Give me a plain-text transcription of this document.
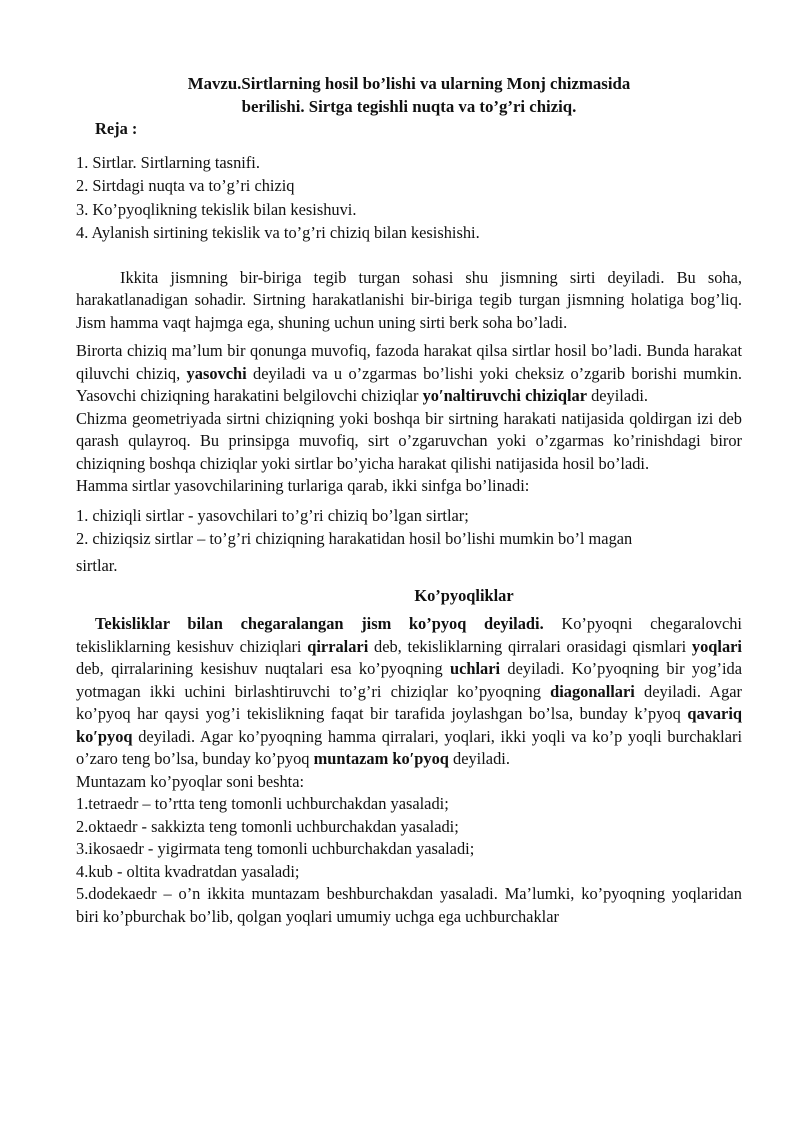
Mavzu.Sirtlarning hosil bo’lishi va ularning Monj chizmasida
berilishi. Sirtga tegishli nuqta va to’g’ri chiziq.
Reja :
1. Sirtlar. Sirtlarning tasnifi.
2. Sirtdagi nuqta va to’g’ri chiziq
3. Ko’pyoqlikning tekislik bilan kesishuvi.
4. Aylanish sirtining tekislik va to’g’ri chiziq bilan kesishishi.
Ikkita jismning bir-biriga tegib turgan sohasi shu jismning sirti deyiladi. Bu soha, harakatlanadigan sohadir. Sirtning harakatlanishi bir-biriga tegib turgan jismning holatiga bog’liq. Jism hamma vaqt hajmga ega, shuning uchun uning sirti berk soha bo’ladi.
Birorta chiziq ma’lum bir qonunga muvofiq, fazoda harakat qilsa sirtlar hosil bo’ladi. Bunda harakat qiluvchi chiziq, yasovchi deyiladi va u o’zgarmas bo’lishi yoki cheksiz o’zgarib borishi mumkin. Yasovchi chiziqning harakatini belgilovchi chiziqlar yoʹnaltiruvchi chiziqlar deyiladi.
Chizma geometriyada sirtni chiziqning yoki boshqa bir sirtning harakati natijasida qoldirgan izi deb qarash qulayroq. Bu prinsipga muvofiq, sirt o’zgaruvchan yoki o’zgarmas ko’rinishdagi biror chiziqning boshqa chiziqlar yoki sirtlar bo’yicha harakat qilishi natijasida hosil bo’ladi.
Hamma sirtlar yasovchilarining turlariga qarab, ikki sinfga bo’linadi:
1. chiziqli sirtlar - yasovchilari to’g’ri chiziq bo’lgan sirtlar;
2. chiziqsiz sirtlar – to’g’ri chiziqning harakatidan hosil bo’lishi mumkin bo’l magan
sirtlar.
Ko’pyoqliklar
Tekisliklar bilan chegaralangan jism ko’pyoq deyiladi. Ko’pyoqni chegaralovchi tekisliklarning kesishuv chiziqlari qirralari deb, tekisliklarning qirralari orasidagi qismlari yoqlari deb, qirralarining kesishuv nuqtalari esa ko’pyoqning uchlari deyiladi. Ko’pyoqning bir yog’ida yotmagan ikki uchini birlashtiruvchi to’g’ri chiziqlar ko’pyoqning diagonallari deyiladi. Agar ko’pyoq har qaysi yog’i tekislikning faqat bir tarafida joylashgan bo’lsa, bunday k’pyoq qavariq koʹpyoq deyiladi. Agar ko’pyoqning hamma qirralari, yoqlari, ikki yoqli va ko’p yoqli burchaklari o’zaro teng bo’lsa, bunday ko’pyoq muntazam koʹpyoq deyiladi.
Muntazam ko’pyoqlar soni beshta:
1.tetraedr – to’rtta teng tomonli uchburchakdan yasaladi;
2.oktaedr - sakkizta teng tomonli uchburchakdan yasaladi;
3.ikosaedr - yigirmata teng tomonli uchburchakdan yasaladi;
4.kub - oltita kvadratdan yasaladi;
5.dodekaedr – o’n ikkita muntazam beshburchakdan yasaladi. Ma’lumki, ko’pyoqning yoqlaridan biri ko’pburchak bo’lib, qolgan yoqlari umumiy uchga ega uchburchaklar
